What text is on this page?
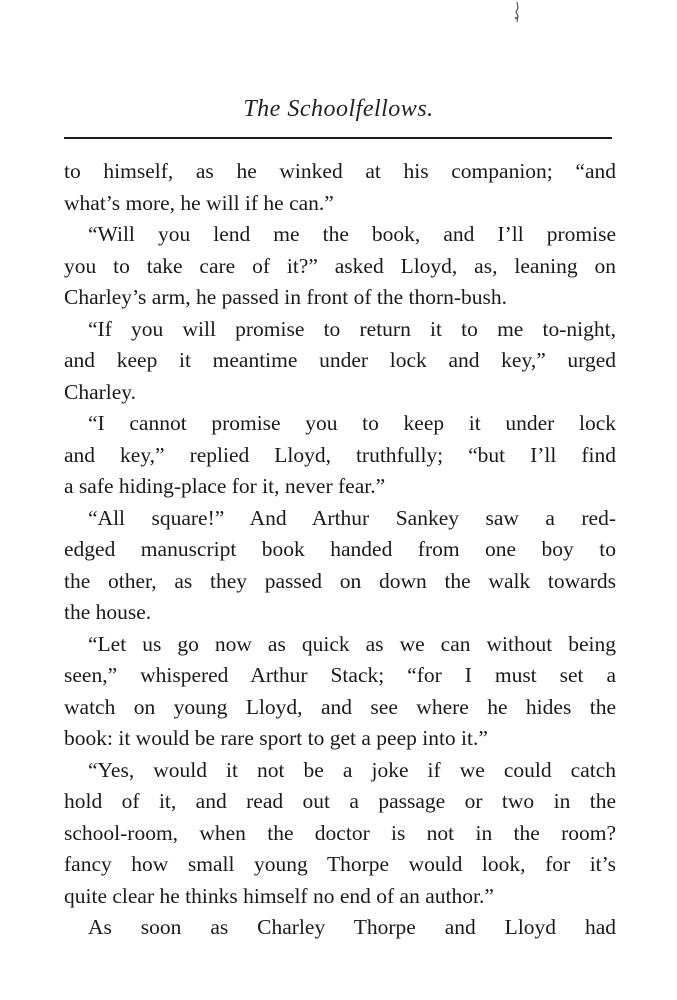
The Schoolfellows.
to himself, as he winked at his companion; “and
what’s more, he will if he can.”
“Will you lend me the book, and I’ll promise
you to take care of it?” asked Lloyd, as, leaning on
Charley’s arm, he passed in front of the thorn-bush.
“If you will promise to return it to me to-night,
and keep it meantime under lock and key,” urged
Charley.
“I cannot promise you to keep it under lock
and key,” replied Lloyd, truthfully; “but I’ll find
a safe hiding-place for it, never fear.”
“All square!” And Arthur Sankey saw a red-
edged manuscript book handed from one boy to
the other, as they passed on down the walk towards
the house.
“Let us go now as quick as we can without being
seen,” whispered Arthur Stack; “for I must set a
watch on young Lloyd, and see where he hides the
book: it would be rare sport to get a peep into it.”
“Yes, would it not be a joke if we could catch
hold of it, and read out a passage or two in the
school-room, when the doctor is not in the room?
fancy how small young Thorpe would look, for it’s
quite clear he thinks himself no end of an author.”
As soon as Charley Thorpe and Lloyd had
